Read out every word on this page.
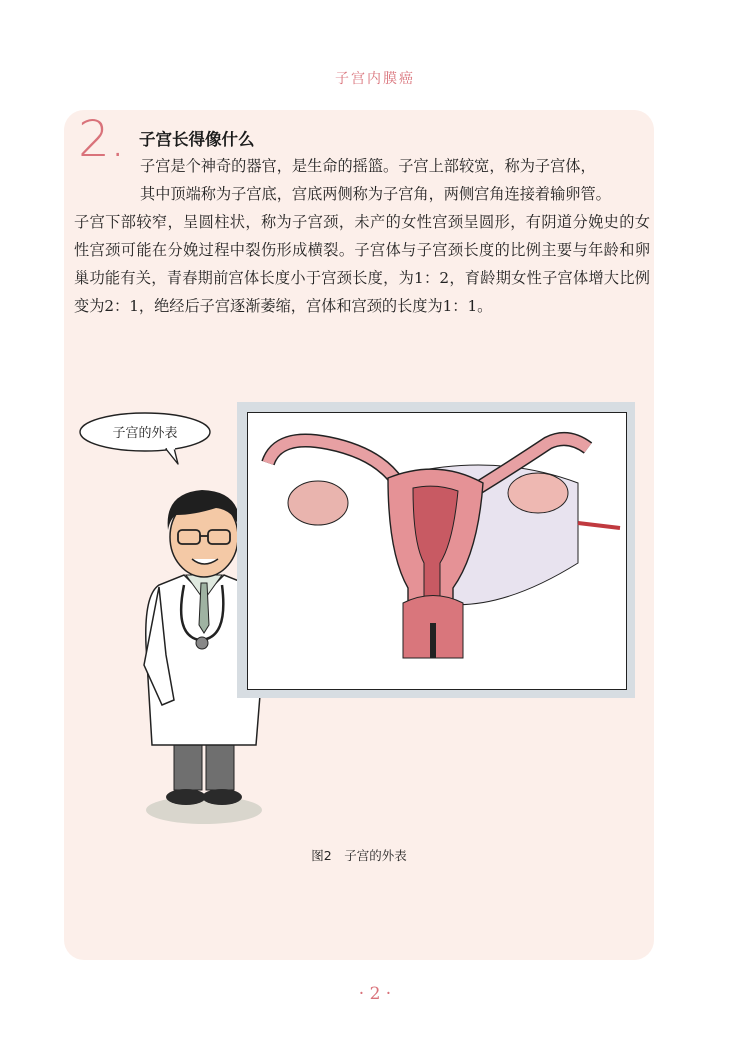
子宫内膜癌
2. 子宫长得像什么
子宫是个神奇的器官，是生命的摇篮。子宫上部较宽，称为子宫体，
其中顶端称为子宫底，宫底两侧称为子宫角，两侧宫角连接着输卵管。
子宫下部较窄，呈圆柱状，称为子宫颈，未产的女性宫颈呈圆形，有阴道分娩史的女性宫颈可能在分娩过程中裂伤形成横裂。子宫体与子宫颈长度的比例主要与年龄和卵巢功能有关，青春期前宫体长度小于宫颈长度，为1：2，育龄期女性子宫体增大比例变为2：1，绝经后子宫逐渐萎缩，宫体和宫颈的长度为1：1。
子宫的外表
图2　子宫的外表
· 2 ·
